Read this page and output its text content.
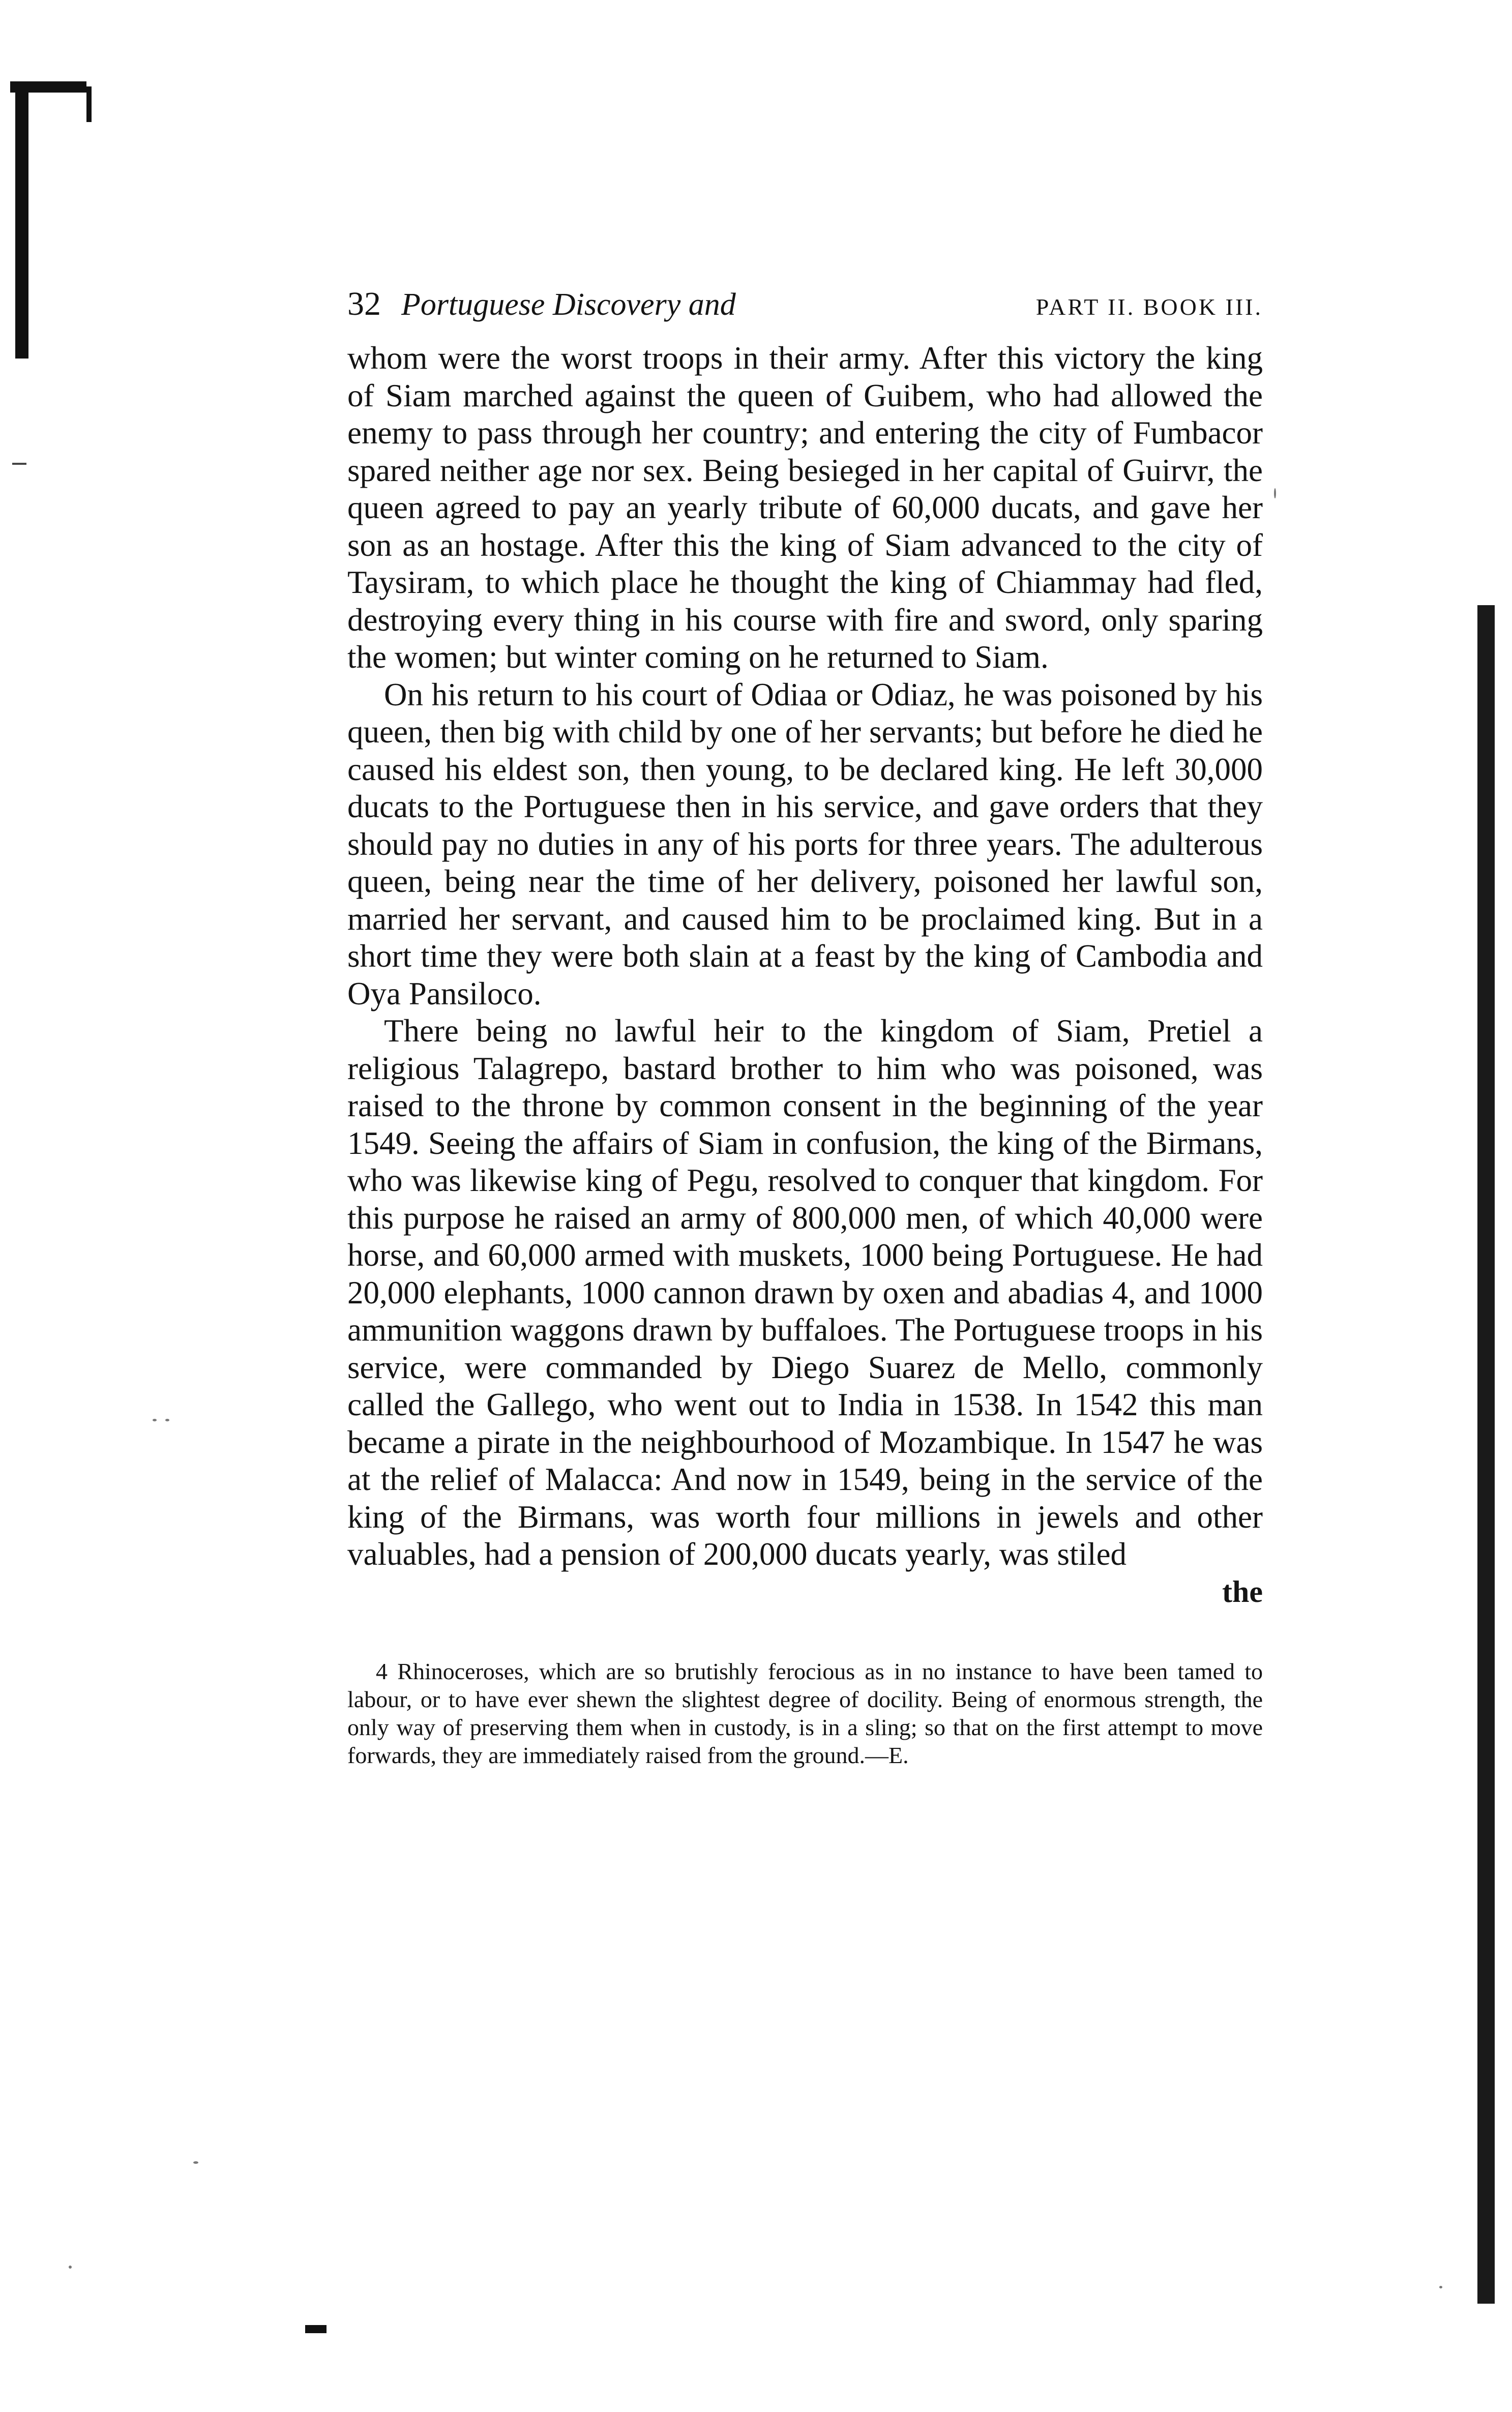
32 Portuguese Discovery and	PART II. BOOK III.

whom were the worst troops in their army. After this victory the king of Siam marched against the queen of Guibem, who had allowed the enemy to pass through her country; and entering the city of Fumbacor spared neither age nor sex. Being besieged in her capital of Guirvr, the queen agreed to pay an yearly tribute of 60,000 ducats, and gave her son as an hostage. After this the king of Siam advanced to the city of Taysiram, to which place he thought the king of Chiammay had fled, destroying every thing in his course with fire and sword, only sparing the women; but winter coming on he returned to Siam.

On his return to his court of Odiaa or Odiaz, he was poisoned by his queen, then big with child by one of her servants; but before he died he caused his eldest son, then young, to be declared king. He left 30,000 ducats to the Portuguese then in his service, and gave orders that they should pay no duties in any of his ports for three years. The adulterous queen, being near the time of her delivery, poisoned her lawful son, married her servant, and caused him to be proclaimed king. But in a short time they were both slain at a feast by the king of Cambodia and Oya Pansiloco.

There being no lawful heir to the kingdom of Siam, Pretiel a religious Talagrepo, bastard brother to him who was poisoned, was raised to the throne by common consent in the beginning of the year 1549. Seeing the affairs of Siam in confusion, the king of the Birmans, who was likewise king of Pegu, resolved to conquer that kingdom. For this purpose he raised an army of 800,000 men, of which 40,000 were horse, and 60,000 armed with muskets, 1000 being Portuguese. He had 20,000 elephants, 1000 cannon drawn by oxen and abadias 4, and 1000 ammunition waggons drawn by buffaloes. The Portuguese troops in his service, were commanded by Diego Suarez de Mello, commonly called the Gallego, who went out to India in 1538. In 1542 this man became a pirate in the neighbourhood of Mozambique. In 1547 he was at the relief of Malacca: And now in 1549, being in the service of the king of the Birmans, was worth four millions in jewels and other valuables, had a pension of 200,000 ducats yearly, was stiled

the

4 Rhinoceroses, which are so brutishly ferocious as in no instance to have been tamed to labour, or to have ever shewn the slightest degree of docility. Being of enormous strength, the only way of preserving them when in custody, is in a sling; so that on the first attempt to move forwards, they are immediately raised from the ground.—E.
